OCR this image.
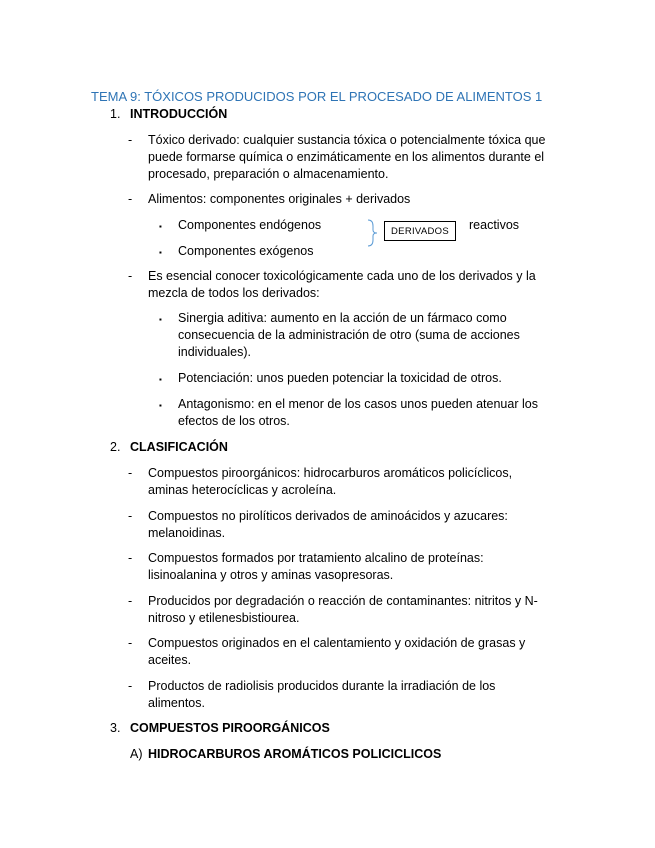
TEMA 9: TÓXICOS PRODUCIDOS POR EL PROCESADO DE ALIMENTOS 1
1. INTRODUCCIÓN
- Tóxico derivado: cualquier sustancia tóxica o potencialmente tóxica que puede formarse química o enzimáticamente en los alimentos durante el procesado, preparación o almacenamiento.
- Alimentos: componentes originales + derivados
▪ Componentes endógenos
▪ Componentes exógenos
DERIVADOS	reactivos
- Es esencial conocer toxicológicamente cada uno de los derivados y la mezcla de todos los derivados:
▪ Sinergia aditiva: aumento en la acción de un fármaco como consecuencia de la administración de otro (suma de acciones individuales).
▪ Potenciación: unos pueden potenciar la toxicidad de otros.
▪ Antagonismo: en el menor de los casos unos pueden atenuar los efectos de los otros.
2. CLASIFICACIÓN
- Compuestos piroorgánicos: hidrocarburos aromáticos policíclicos, aminas heterocíclicas y acroleína.
- Compuestos no pirolíticos derivados de aminoácidos y azucares: melanoidinas.
- Compuestos formados por tratamiento alcalino de proteínas: lisinoalanina y otros y aminas vasopresoras.
- Producidos por degradación o reacción de contaminantes: nitritos y N-nitroso y etilenesbistiourea.
- Compuestos originados en el calentamiento y oxidación de grasas y aceites.
- Productos de radiolisis producidos durante la irradiación de los alimentos.
3. COMPUESTOS PIROORGÁNICOS
A) HIDROCARBUROS AROMÁTICOS POLICICLICOS
